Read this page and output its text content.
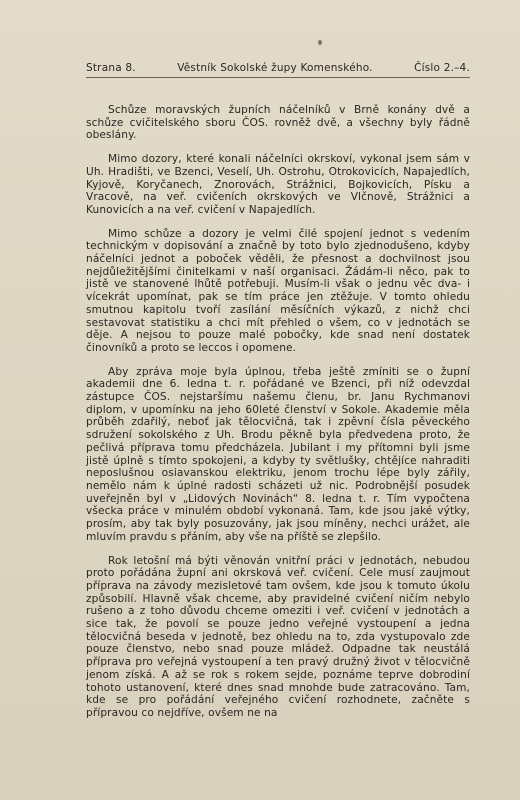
Strana 8.	Věstník Sokolské župy Komenského.	Číslo 2.–4.

Schůze moravských župních náčelníků v Brně konány dvě a schůze cvičitelského sboru ČOS. rovněž dvě, a všechny byly řádně obeslány.

Mimo dozory, které konali náčelníci okrskoví, vykonal jsem sám v Uh. Hradišti, ve Bzenci, Veselí, Uh. Ostrohu, Otrokovicích, Napajedlích, Kyjově, Koryčanech, Znorovách, Strážnici, Bojkovicích, Písku a Vracově, na veř. cvičeních okrskových ve Vlčnově, Strážnici a Kunovicích a na veř. cvičení v Napajedlích.

Mimo schůze a dozory je velmi čilé spojení jednot s vedením technickým v dopisování a značně by toto bylo zjednodušeno, kdyby náčelníci jednot a poboček věděli, že přesnost a dochvilnost jsou nejdůležitějšími činitelkami v naší organisaci. Žádám-li něco, pak to jistě ve stanovené lhůtě potřebuji. Musím-li však o jednu věc dva- i vícekrát upomínat, pak se tím práce jen ztěžuje. V tomto ohledu smutnou kapitolu tvoří zasílání měsíčních výkazů, z nichž chci sestavovat statistiku a chci mít přehled o všem, co v jednotách se děje. A nejsou to pouze malé pobočky, kde snad není dostatek činovníků a proto se leccos i opomene.

Aby zpráva moje byla úplnou, třeba ještě zmíniti se o župní akademii dne 6. ledna t. r. pořádané ve Bzenci, při níž odevzdal zástupce ČOS. nejstaršímu našemu členu, br. Janu Rychmanovi diplom, v upomínku na jeho 60leté členství v Sokole. Akademie měla průběh zdařilý, neboť jak tělocvičná, tak i zpěvní čísla pěveckého sdružení sokolského z Uh. Brodu pěkně byla předvedena proto, že pečlivá příprava tomu předcházela. Jubilant i my přítomni byli jsme jistě úplně s tímto spokojeni, a kdyby ty světlušky, chtějíce nahraditi neposlušnou osiavanskou elektriku, jenom trochu lépe byly zářily, nemělo nám k úplné radosti scházeti už nic. Podrobnější posudek uveřejněn byl v „Lidových Novinách“ 8. ledna t. r. Tím vypočtena všecka práce v minulém období vykonaná. Tam, kde jsou jaké výtky, prosím, aby tak byly posuzovány, jak jsou míněny, nechci urážet, ale mluvím pravdu s přáním, aby vše na příště se zlepšilo.

Rok letošní má býti věnován vnitřní práci v jednotách, nebudou proto pořádána župní ani okrsková veř. cvičení. Cele musí zaujmout příprava na závody mezisletové tam ovšem, kde jsou k tomuto úkolu způsobilí. Hlavně však chceme, aby pravidelné cvičení ničím nebylo rušeno a z toho důvodu chceme omeziti i veř. cvičení v jednotách a sice tak, že povolí se pouze jedno veřejné vystoupení a jedna tělocvičná beseda v jednotě, bez ohledu na to, zda vystupovalo zde pouze členstvo, nebo snad pouze mládež. Odpadne tak neustálá příprava pro veřejná vystoupení a ten pravý družný život v tělocvičně jenom získá. A až se rok s rokem sejde, poznáme teprve dobrodiní tohoto ustanovení, které dnes snad mnohde bude zatracováno. Tam, kde se pro pořádání veřejného cvičení rozhodnete, začněte s přípravou co nejdříve, ovšem ne na
